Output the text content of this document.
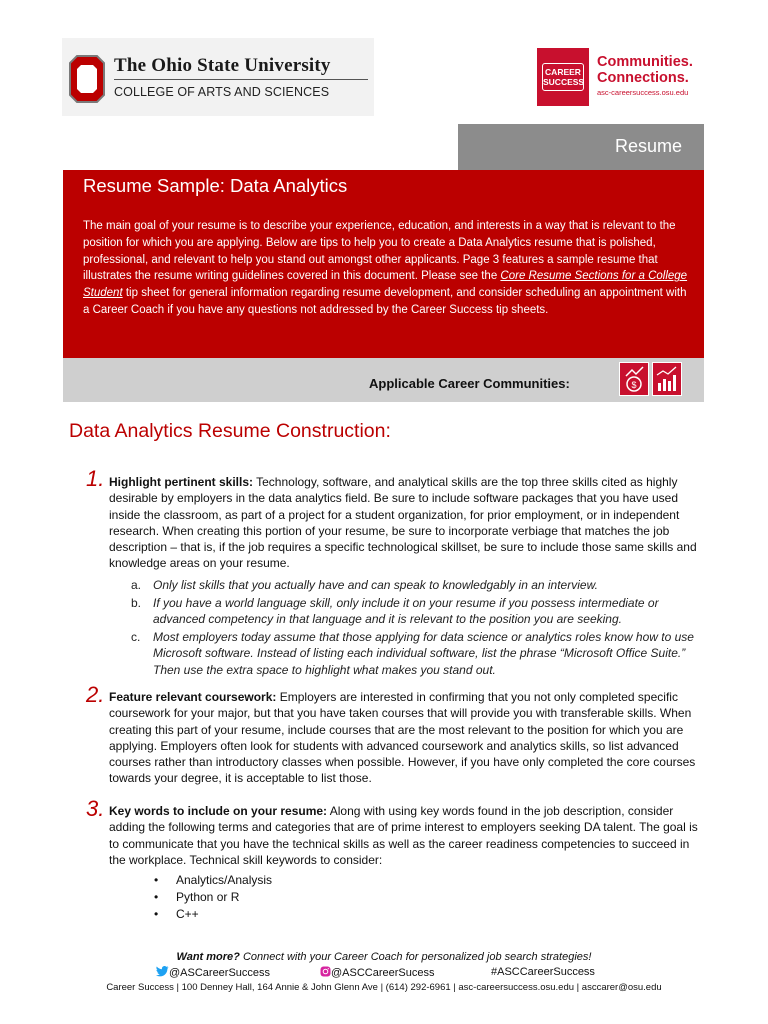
The Ohio State University
COLLEGE OF ARTS AND SCIENCES
CAREER
SUCCESS
Communities.
Connections.
asc-careersuccess.osu.edu
Resume
Resume Sample: Data Analytics
The main goal of your resume is to describe your experience, education, and interests in a way that is relevant to the position for which you are applying. Below are tips to help you to create a Data Analytics resume that is polished, professional, and relevant to help you stand out amongst other applicants. Page 3 features a sample resume that illustrates the resume writing guidelines covered in this document. Please see the Core Resume Sections for a College Student tip sheet for general information regarding resume development, and consider scheduling an appointment with a Career Coach if you have any questions not addressed by the Career Success tip sheets.
Applicable Career Communities:	$
Data Analytics Resume Construction:
1. Highlight pertinent skills: Technology, software, and analytical skills are the top three skills cited as highly desirable by employers in the data analytics field. Be sure to include software packages that you have used inside the classroom, as part of a project for a student organization, for prior employment, or in independent research. When creating this portion of your resume, be sure to incorporate verbiage that matches the job description – that is, if the job requires a specific technological skillset, be sure to include those same skills and knowledge areas on your resume.
a. Only list skills that you actually have and can speak to knowledgably in an interview.
b. If you have a world language skill, only include it on your resume if you possess intermediate or advanced competency in that language and it is relevant to the position you are seeking.
c.	Most employers today assume that those applying for data science or analytics roles know how to use Microsoft software. Instead of listing each individual software, list the phrase “Microsoft Office Suite.” Then use the extra space to highlight what makes you stand out.
2. Feature relevant coursework: Employers are interested in confirming that you not only completed specific coursework for your major, but that you have taken courses that will provide you with transferable skills. When creating this part of your resume, include courses that are the most relevant to the position for which you are applying. Employers often look for students with advanced coursework and analytics skills, so list advanced courses rather than introductory classes when possible. However, if you have only completed the core courses towards your degree, it is acceptable to list those.
3. Key words to include on your resume: Along with using key words found in the job description, consider adding the following terms and categories that are of prime interest to employers seeking DA talent. The goal is to communicate that you have the technical skills as well as the career readiness competencies to succeed in the workplace. Technical skill keywords to consider:
• Analytics/Analysis
• Python or R
• C++
Want more? Connect with your Career Coach for personalized job search strategies!
@ASCareerSuccess	@ASCCareerSucess	#ASCCareerSuccess
Career Success | 100 Denney Hall, 164 Annie & John Glenn Ave | (614) 292-6961 | asc-careersuccess.osu.edu | asccarer@osu.edu
